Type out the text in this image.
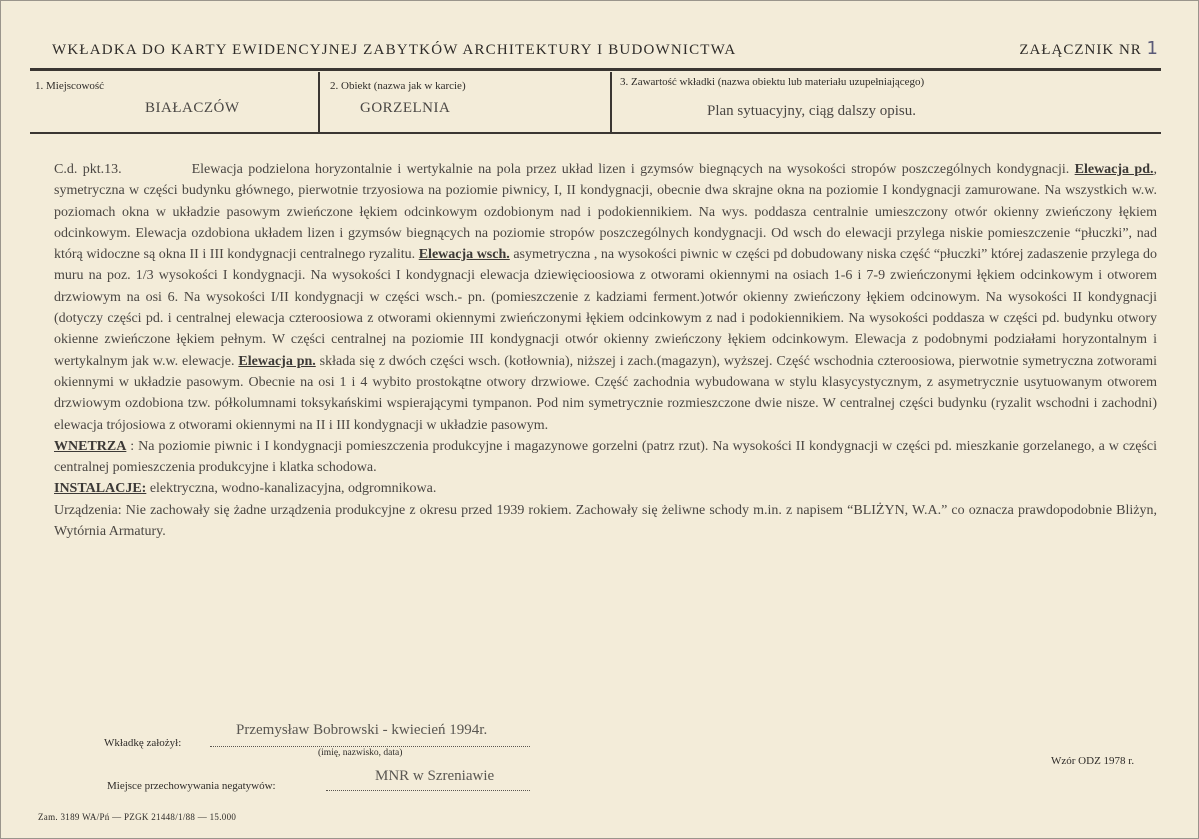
WKŁADKA DO KARTY EWIDENCYJNEJ ZABYTKÓW ARCHITEKTURY I BUDOWNICTWA	ZAŁĄCZNIK NR 1
1. Miejscowość
BIAŁACZÓW
2. Obiekt (nazwa jak w karcie)
GORZELNIA
3. Zawartość wkładki (nazwa obiektu lub materiału uzupełniającego)
Plan sytuacyjny, ciąg dalszy opisu.

C.d. pkt.13.	Elewacja podzielona horyzontalnie i wertykalnie na pola przez układ lizen i gzymsów biegnących na wysokości stropów poszczególnych kondygnacji. Elewacja pd., symetryczna w części budynku głównego, pierwotnie trzyosiowa na poziomie piwnicy, I, II kondygnacji, obecnie dwa skrajne okna na poziomie I kondygnacji zamurowane. Na wszystkich w.w. poziomach okna w układzie pasowym zwieńczone łękiem odcinkowym ozdobionym nad i podokiennikiem. Na wys. poddasza centralnie umieszczony otwór okienny zwieńczony łękiem odcinkowym. Elewacja ozdobiona układem lizen i gzymsów biegnących na poziomie stropów poszczególnych kondygnacji. Od wsch do elewacji przylega niskie pomieszczenie “płuczki”, nad którą widoczne są okna II i III kondygnacji centralnego ryzalitu. Elewacja wsch. asymetryczna , na wysokości piwnic w części pd dobudowany niska część “płuczki” której zadaszenie przylega do muru na poz. 1/3 wysokości I kondygnacji. Na wysokości I kondygnacji elewacja dziewięcioosiowa z otworami okiennymi na osiach 1-6 i 7-9 zwieńczonymi łękiem odcinkowym i otworem drzwiowym na osi 6. Na wysokości I/II kondygnacji w części wsch.- pn. (pomieszczenie z kadziami ferment.)otwór okienny zwieńczony łękiem odcinowym. Na wysokości II kondygnacji (dotyczy części pd. i centralnej elewacja czteroosiowa z otworami okiennymi zwieńczonymi łękiem odcinkowym z nad i podokiennikiem. Na wysokości poddasza w części pd. budynku otwory okienne zwieńczone łękiem pełnym. W części centralnej na poziomie III kondygnacji otwór okienny zwieńczony łękiem odcinkowym. Elewacja z podobnymi podziałami horyzontalnym i wertykalnym jak w.w. elewacje. Elewacja pn. składa się z dwóch części wsch. (kotłownia), niższej i zach.(magazyn), wyższej. Część wschodnia czteroosiowa, pierwotnie symetryczna zotworami okiennymi w układzie pasowym. Obecnie na osi 1 i 4 wybito prostokątne otwory drzwiowe. Część zachodnia wybudowana w stylu klasycystycznym, z asymetrycznie usytuowanym otworem drzwiowym ozdobiona tzw. półkolumnami toksykańskimi wspierającymi tympanon. Pod nim symetrycznie rozmieszczone dwie nisze. W centralnej części budynku (ryzalit wschodni i zachodni) elewacja trójosiowa z otworami okiennymi na II i III kondygnacji w układzie pasowym.

WNETRZA : Na poziomie piwnic i I kondygnacji pomieszczenia produkcyjne i magazynowe gorzelni (patrz rzut). Na wysokości II kondygnacji w części pd. mieszkanie gorzelanego, a w części centralnej pomieszczenia produkcyjne i klatka schodowa.

INSTALACJE: elektryczna, wodno-kanalizacyjna, odgromnikowa.

Urządzenia: Nie zachowały się żadne urządzenia produkcyjne z okresu przed 1939 rokiem. Zachowały się żeliwne schody m.in. z napisem “BLIŻYN, W.A.” co oznacza prawdopodobnie Bliżyn, Wytórnia Armatury.

Wkładkę założył:
Przemysław Bobrowski - kwiecień 1994r.
(imię, nazwisko, data)
Miejsce przechowywania negatywów:
MNR w Szreniawie
Wzór ODZ 1978 r.
Zam. 3189 WA/Pń — PZGK 21448/1/88 — 15.000
